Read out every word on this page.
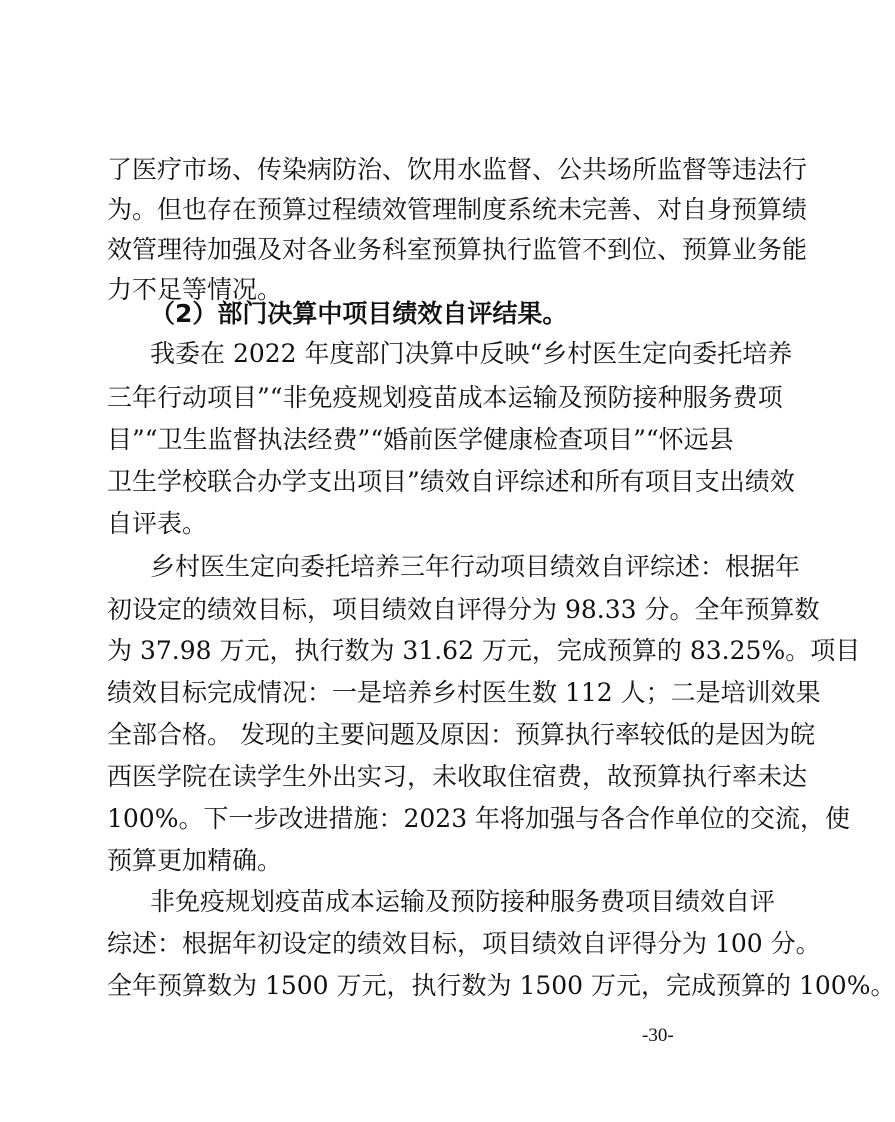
了医疗市场、传染病防治、饮用水监督、公共场所监督等违法行
为。但也存在预算过程绩效管理制度系统未完善、对自身预算绩
效管理待加强及对各业务科室预算执行监管不到位、预算业务能
力不足等情况。
（2）部门决算中项目绩效自评结果。
我委在 2022 年度部门决算中反映“乡村医生定向委托培养
三年行动项目”“非免疫规划疫苗成本运输及预防接种服务费项
目”“卫生监督执法经费”“婚前医学健康检查项目”“怀远县
卫生学校联合办学支出项目”绩效自评综述和所有项目支出绩效
自评表。
乡村医生定向委托培养三年行动项目绩效自评综述：根据年
初设定的绩效目标，项目绩效自评得分为 98.33 分。全年预算数
为 37.98 万元，执行数为 31.62 万元，完成预算的 83.25%。项目
绩效目标完成情况：一是培养乡村医生数 112 人；二是培训效果
全部合格。 发现的主要问题及原因：预算执行率较低的是因为皖
西医学院在读学生外出实习，未收取住宿费，故预算执行率未达
100%。下一步改进措施：2023 年将加强与各合作单位的交流，使
预算更加精确。
非免疫规划疫苗成本运输及预防接种服务费项目绩效自评
综述：根据年初设定的绩效目标，项目绩效自评得分为 100 分。
全年预算数为 1500 万元，执行数为 1500 万元，完成预算的 100%。
-30-
